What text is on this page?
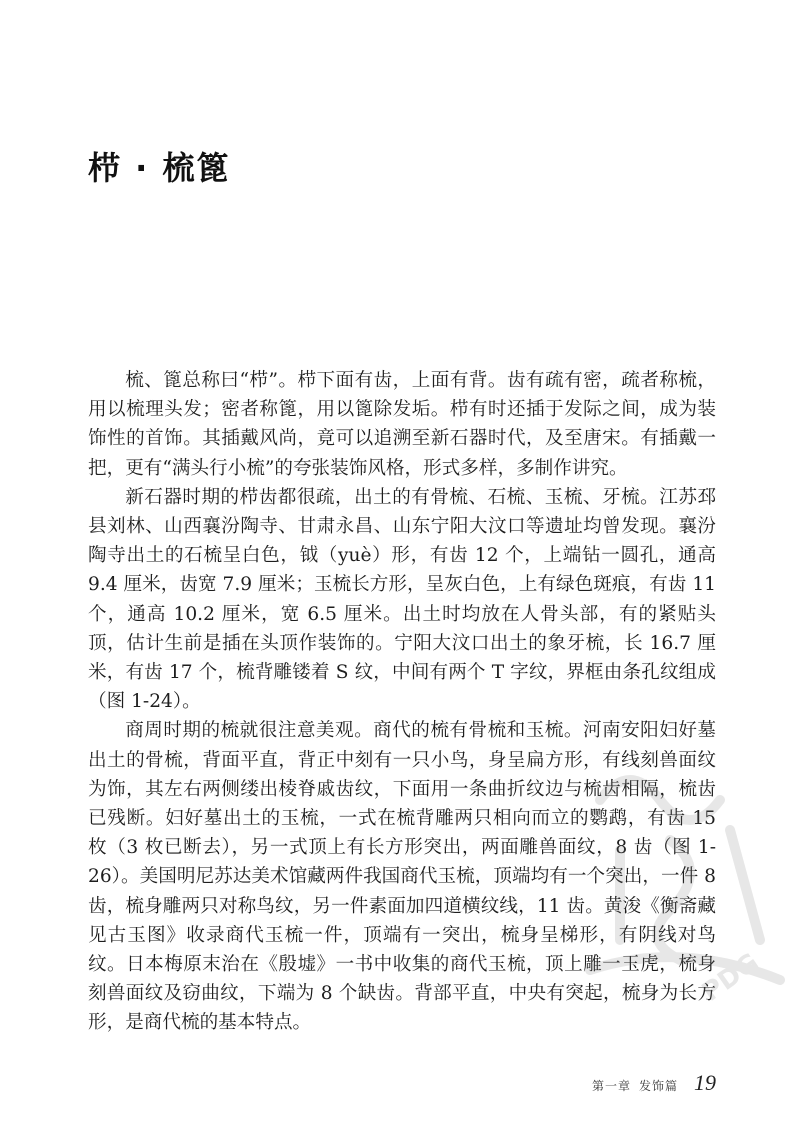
栉 · 梳篦

梳、篦总称曰“栉”。栉下面有齿，上面有背。齿有疏有密，疏者称梳，用以梳理头发；密者称篦，用以篦除发垢。栉有时还插于发际之间，成为装饰性的首饰。其插戴风尚，竟可以追溯至新石器时代，及至唐宋。有插戴一把，更有“满头行小梳”的夸张装饰风格，形式多样，多制作讲究。

新石器时期的栉齿都很疏，出土的有骨梳、石梳、玉梳、牙梳。江苏邳县刘林、山西襄汾陶寺、甘肃永昌、山东宁阳大汶口等遗址均曾发现。襄汾陶寺出土的石梳呈白色，钺（yuè）形，有齿 12 个，上端钻一圆孔，通高 9.4 厘米，齿宽 7.9 厘米；玉梳长方形，呈灰白色，上有绿色斑痕，有齿 11 个，通高 10.2 厘米，宽 6.5 厘米。出土时均放在人骨头部，有的紧贴头顶，估计生前是插在头顶作装饰的。宁阳大汶口出土的象牙梳，长 16.7 厘米，有齿 17 个，梳背雕镂着 S 纹，中间有两个 T 字纹，界框由条孔纹组成（图 1-24）。

商周时期的梳就很注意美观。商代的梳有骨梳和玉梳。河南安阳妇好墓出土的骨梳，背面平直，背正中刻有一只小鸟，身呈扁方形，有线刻兽面纹为饰，其左右两侧缕出棱脊戚齿纹，下面用一条曲折纹边与梳齿相隔，梳齿已残断。妇好墓出土的玉梳，一式在梳背雕两只相向而立的鹦鹉，有齿 15 枚（3 枚已断去），另一式顶上有长方形突出，两面雕兽面纹，8 齿（图 1-26）。美国明尼苏达美术馆藏两件我国商代玉梳，顶端均有一个突出，一件 8 齿，梳身雕两只对称鸟纹，另一件素面加四道横纹线，11 齿。黄浚《衡斋藏见古玉图》收录商代玉梳一件，顶端有一突出，梳身呈梯形，有阴线对鸟纹。日本梅原末治在《殷墟》一书中收集的商代玉梳，顶上雕一玉虎，梳身刻兽面纹及窃曲纹，下端为 8 个缺齿。背部平直，中央有突起，梳身为长方形，是商代梳的基本特点。

PDG
第一章 发饰篇 19
